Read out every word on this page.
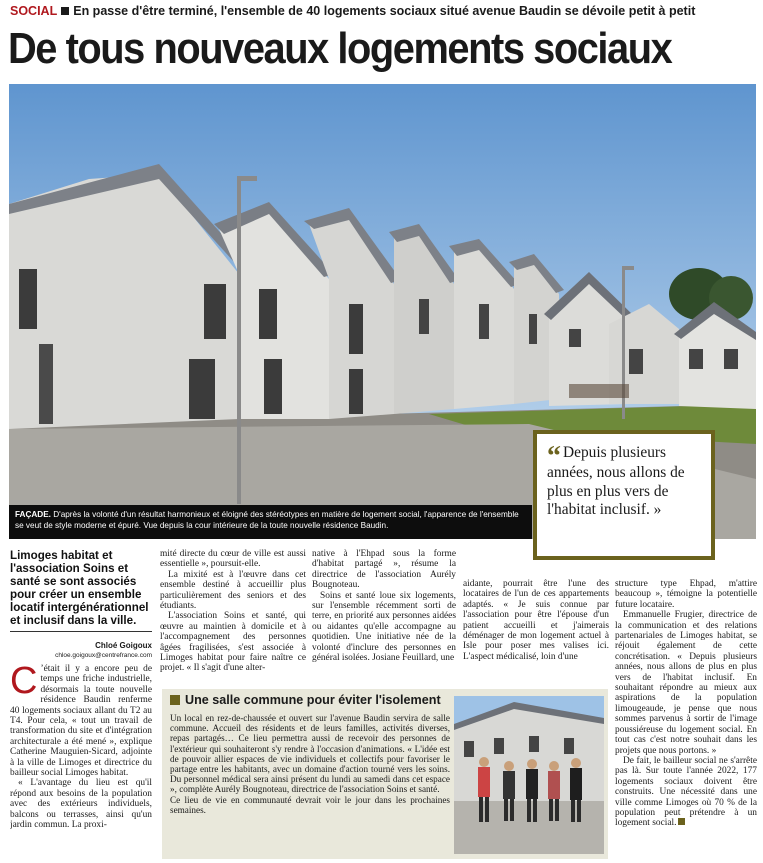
SOCIAL En passe d'être terminé, l'ensemble de 40 logements sociaux situé avenue Baudin se dévoile petit à petit
De tous nouveaux logements sociaux
FAÇADE. D'après la volonté d'un résultat harmonieux et éloigné des stéréotypes en matière de logement social, l'apparence de l'ensemble se veut de style moderne et épuré. Vue depuis la cour intérieure de la toute nouvelle résidence Baudin.
“ Depuis plusieurs années, nous allons de plus en plus vers de l'habitat inclusif. »
Limoges habitat et l'association Soins et santé se sont associés pour créer un ensemble locatif intergénérationnel et inclusif dans la ville.
Chloé Goigoux
chloe.goigoux@centrefrance.com
C ’était il y a encore peu de temps une friche industrielle, désormais la toute nouvelle résidence Baudin renferme 40 logements sociaux allant du T2 au T4. Pour cela, « tout un travail de transformation du site et d'intégration architecturale a été mené », explique Catherine Mauguien-Sicard, adjointe à la ville de Limoges et directrice du bailleur social Limoges habitat.

« L'avantage du lieu est qu'il répond aux besoins de la population avec des extérieurs individuels, balcons ou terrasses, ainsi qu'un jardin commun. La proxi-

mité directe du cœur de ville est aussi essentielle », poursuit-elle.

La mixité est à l'œuvre dans cet ensemble destiné à accueillir plus particulièrement des seniors et des étudiants.

L'association Soins et santé, qui œuvre au maintien à domicile et à l'accompagnement des personnes âgées fragilisées, s'est associée à Limoges habitat pour faire naître ce projet. « Il s'agit d'une alter-

native à l'Ehpad sous la forme d'habitat partagé », résume la directrice de l'association Aurély Bougnoteau.

Soins et santé loue six logements, sur l'ensemble récemment sorti de terre, en priorité aux personnes aidées ou aidantes qu'elle accompagne au quotidien. Une initiative née de la volonté d'inclure des personnes en général isolées. Josiane Feuillard, une

aidante, pourrait être l'une des locataires de l'un de ces appartements adaptés. « Je suis connue par l'association pour être l'épouse d'un patient accueilli et j'aimerais déménager de mon logement actuel à Isle pour poser mes valises ici. L'aspect médicalisé, loin d'une
structure type Ehpad, m'attire beaucoup », témoigne la potentielle future locataire.

Emmanuelle Frugier, directrice de la communication et des relations partenariales de Limoges habitat, se réjouit également de cette concrétisation. « Depuis plusieurs années, nous allons de plus en plus vers de l'habitat inclusif. En souhaitant répondre au mieux aux aspirations de la population limougeaude, je pense que nous sommes parvenus à sortir de l'image poussiéreuse du logement social. En tout cas c'est notre souhait dans les projets que nous portons. »

De fait, le bailleur social ne s'arrête pas là. Sur toute l'année 2022, 177 logements sociaux doivent être construits. Une nécessité dans une ville comme Limoges où 70 % de la population peut prétendre à un logement social.

Une salle commune pour éviter l'isolement

Un local en rez-de-chaussée et ouvert sur l'avenue Baudin servira de salle commune. Accueil des résidents et de leurs familles, activités diverses, repas partagés… Ce lieu permettra aussi de recevoir des personnes de l'extérieur qui souhaiteront s'y rendre à l'occasion d'animations. « L'idée est de pouvoir allier espaces de vie individuels et collectifs pour favoriser le partage entre les habitants, avec un domaine d'action tourné vers les soins. Du personnel médical sera ainsi présent du lundi au samedi dans cet espace », complète Aurély Bougnoteau, directrice de l'association Soins et santé.

Ce lieu de vie en communauté devrait voir le jour dans les prochaines semaines.
